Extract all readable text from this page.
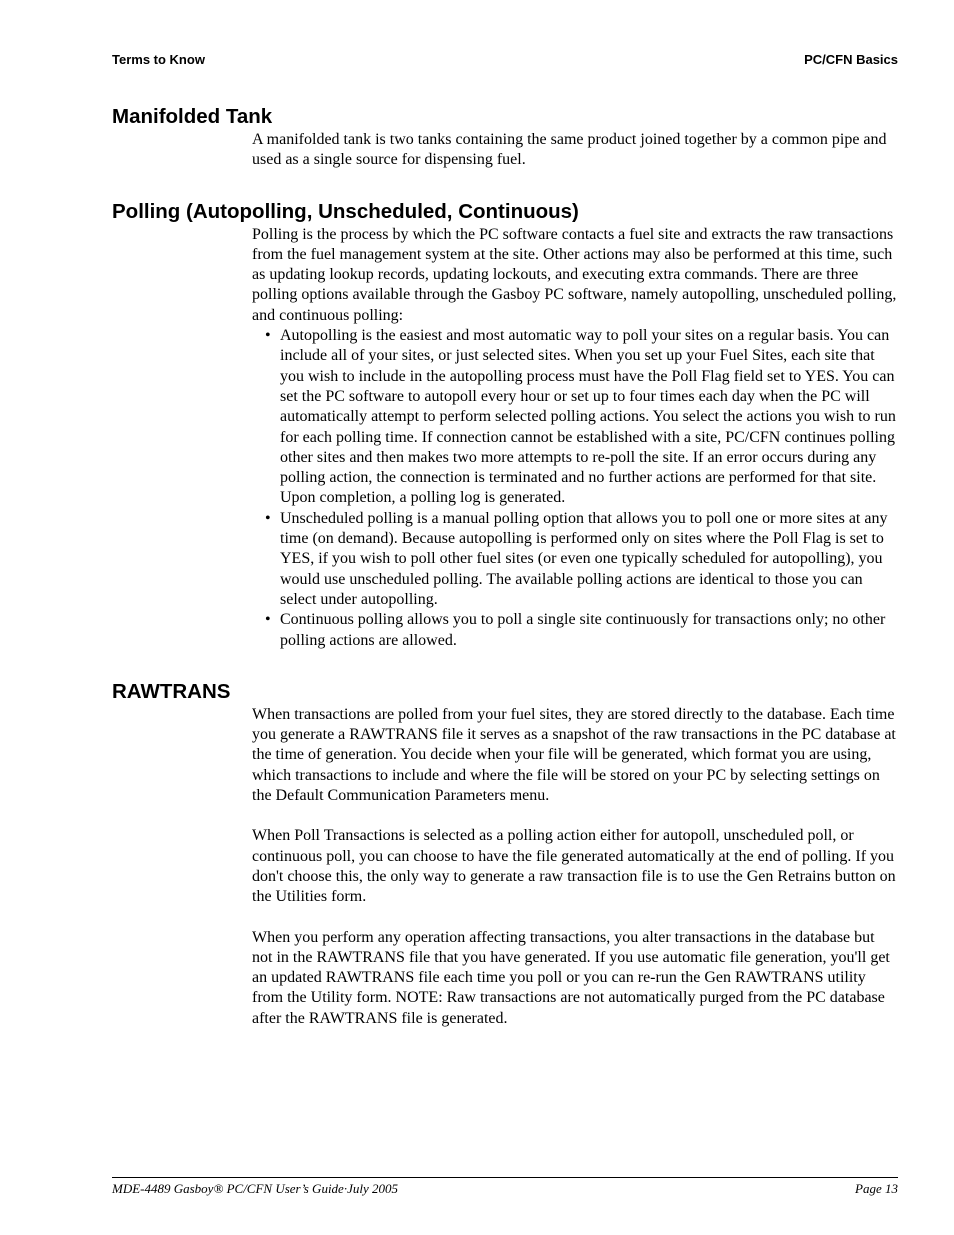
Terms to Know	PC/CFN Basics
Manifolded Tank

A manifolded tank is two tanks containing the same product joined together by a common pipe and used as a single source for dispensing fuel.

Polling (Autopolling, Unscheduled, Continuous)

Polling is the process by which the PC software contacts a fuel site and extracts the raw transactions from the fuel management system at the site. Other actions may also be performed at this time, such as updating lookup records, updating lockouts, and executing extra commands. There are three polling options available through the Gasboy PC software, namely autopolling, unscheduled polling, and continuous polling:

• Autopolling is the easiest and most automatic way to poll your sites on a regular basis. You can include all of your sites, or just selected sites. When you set up your Fuel Sites, each site that you wish to include in the autopolling process must have the Poll Flag field set to YES. You can set the PC software to autopoll every hour or set up to four times each day when the PC will automatically attempt to perform selected polling actions. You select the actions you wish to run for each polling time. If connection cannot be established with a site, PC/CFN continues polling other sites and then makes two more attempts to re-poll the site. If an error occurs during any polling action, the connection is terminated and no further actions are performed for that site. Upon completion, a polling log is generated.
• Unscheduled polling is a manual polling option that allows you to poll one or more sites at any time (on demand). Because autopolling is performed only on sites where the Poll Flag is set to YES, if you wish to poll other fuel sites (or even one typically scheduled for autopolling), you would use unscheduled polling. The available polling actions are identical to those you can select under autopolling.
• Continuous polling allows you to poll a single site continuously for transactions only; no other polling actions are allowed.
RAWTRANS

When transactions are polled from your fuel sites, they are stored directly to the database. Each time you generate a RAWTRANS file it serves as a snapshot of the raw transactions in the PC database at the time of generation. You decide when your file will be generated, which format you are using, which transactions to include and where the file will be stored on your PC by selecting settings on the Default Communication Parameters menu.

When Poll Transactions is selected as a polling action either for autopoll, unscheduled poll, or continuous poll, you can choose to have the file generated automatically at the end of polling. If you don't choose this, the only way to generate a raw transaction file is to use the Gen Retrains button on the Utilities form.

When you perform any operation affecting transactions, you alter transactions in the database but not in the RAWTRANS file that you have generated. If you use automatic file generation, you'll get an updated RAWTRANS file each time you poll or you can re-run the Gen RAWTRANS utility from the Utility form. NOTE: Raw transactions are not automatically purged from the PC database after the RAWTRANS file is generated.

MDE-4489 Gasboy® PC/CFN User’s Guide·July 2005	Page 13
